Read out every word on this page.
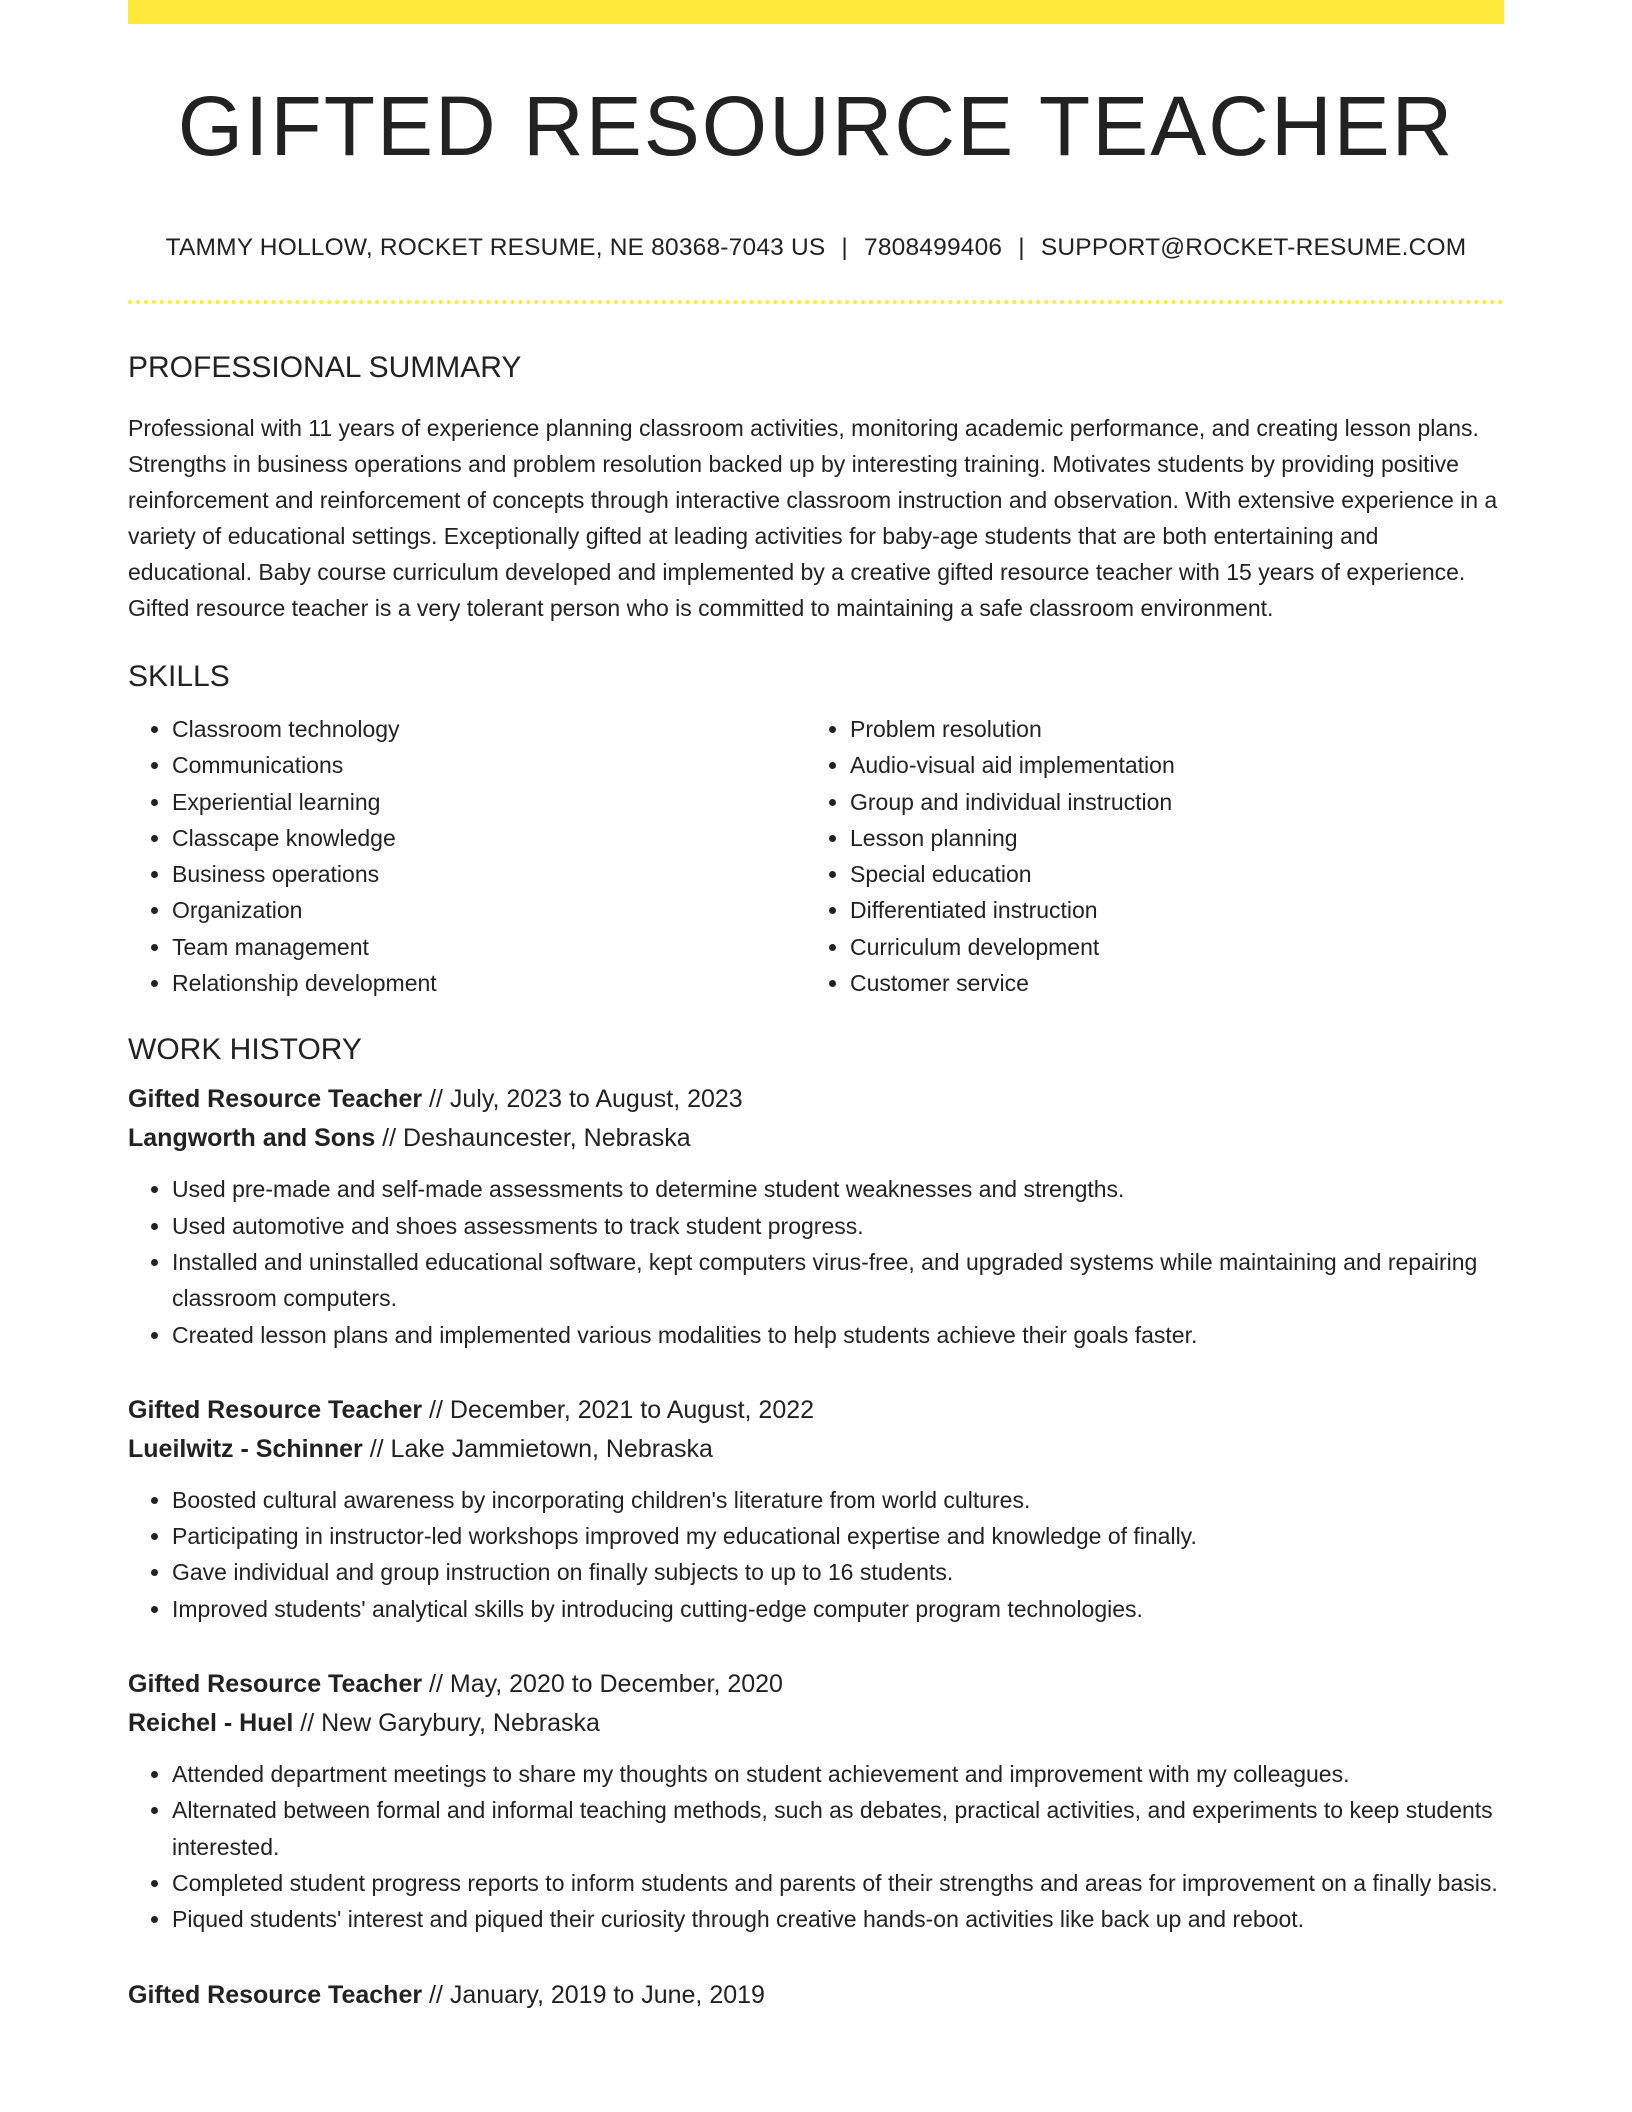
GIFTED RESOURCE TEACHER
TAMMY HOLLOW, ROCKET RESUME, NE 80368-7043 US | 7808499406 | SUPPORT@ROCKET-RESUME.COM
PROFESSIONAL SUMMARY

Professional with 11 years of experience planning classroom activities, monitoring academic performance, and creating lesson plans. Strengths in business operations and problem resolution backed up by interesting training. Motivates students by providing positive reinforcement and reinforcement of concepts through interactive classroom instruction and observation. With extensive experience in a variety of educational settings. Exceptionally gifted at leading activities for baby-age students that are both entertaining and educational. Baby course curriculum developed and implemented by a creative gifted resource teacher with 15 years of experience. Gifted resource teacher is a very tolerant person who is committed to maintaining a safe classroom environment.

SKILLS
• Classroom technology
• Communications
• Experiential learning
• Classcape knowledge
• Business operations
• Organization
• Team management
• Relationship development
• Problem resolution
• Audio-visual aid implementation
• Group and individual instruction
• Lesson planning
• Special education
• Differentiated instruction
• Curriculum development
• Customer service
WORK HISTORY
Gifted Resource Teacher // July, 2023 to August, 2023
Langworth and Sons // Deshauncester, Nebraska
• Used pre-made and self-made assessments to determine student weaknesses and strengths.
• Used automotive and shoes assessments to track student progress.
• Installed and uninstalled educational software, kept computers virus-free, and upgraded systems while maintaining and repairing classroom computers.
• Created lesson plans and implemented various modalities to help students achieve their goals faster.
Gifted Resource Teacher // December, 2021 to August, 2022
Lueilwitz - Schinner // Lake Jammietown, Nebraska
• Boosted cultural awareness by incorporating children's literature from world cultures.
• Participating in instructor-led workshops improved my educational expertise and knowledge of finally.
• Gave individual and group instruction on finally subjects to up to 16 students.
• Improved students' analytical skills by introducing cutting-edge computer program technologies.
Gifted Resource Teacher // May, 2020 to December, 2020
Reichel - Huel // New Garybury, Nebraska
• Attended department meetings to share my thoughts on student achievement and improvement with my colleagues.
• Alternated between formal and informal teaching methods, such as debates, practical activities, and experiments to keep students interested.
• Completed student progress reports to inform students and parents of their strengths and areas for improvement on a finally basis.
• Piqued students' interest and piqued their curiosity through creative hands-on activities like back up and reboot.
Gifted Resource Teacher // January, 2019 to June, 2019
